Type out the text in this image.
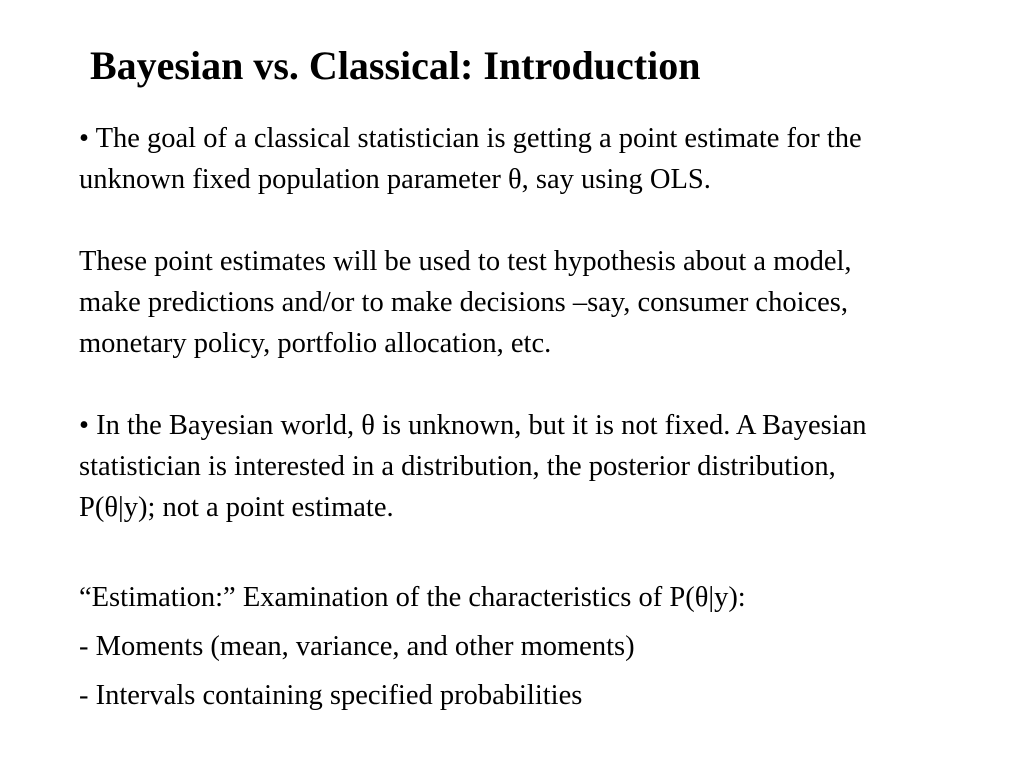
Bayesian vs. Classical: Introduction

• The goal of a classical statistician is getting a point estimate for the
unknown fixed population parameter θ, say using OLS.

These point estimates will be used to test hypothesis about a model,
make predictions and/or to make decisions –say, consumer choices,
monetary policy, portfolio allocation, etc.

• In the Bayesian world, θ is unknown, but it is not fixed. A Bayesian
statistician is interested in a distribution, the posterior distribution,
P(θ|y); not a point estimate.

“Estimation:” Examination of the characteristics of P(θ|y):

- Moments (mean, variance, and other moments)

- Intervals containing specified probabilities
